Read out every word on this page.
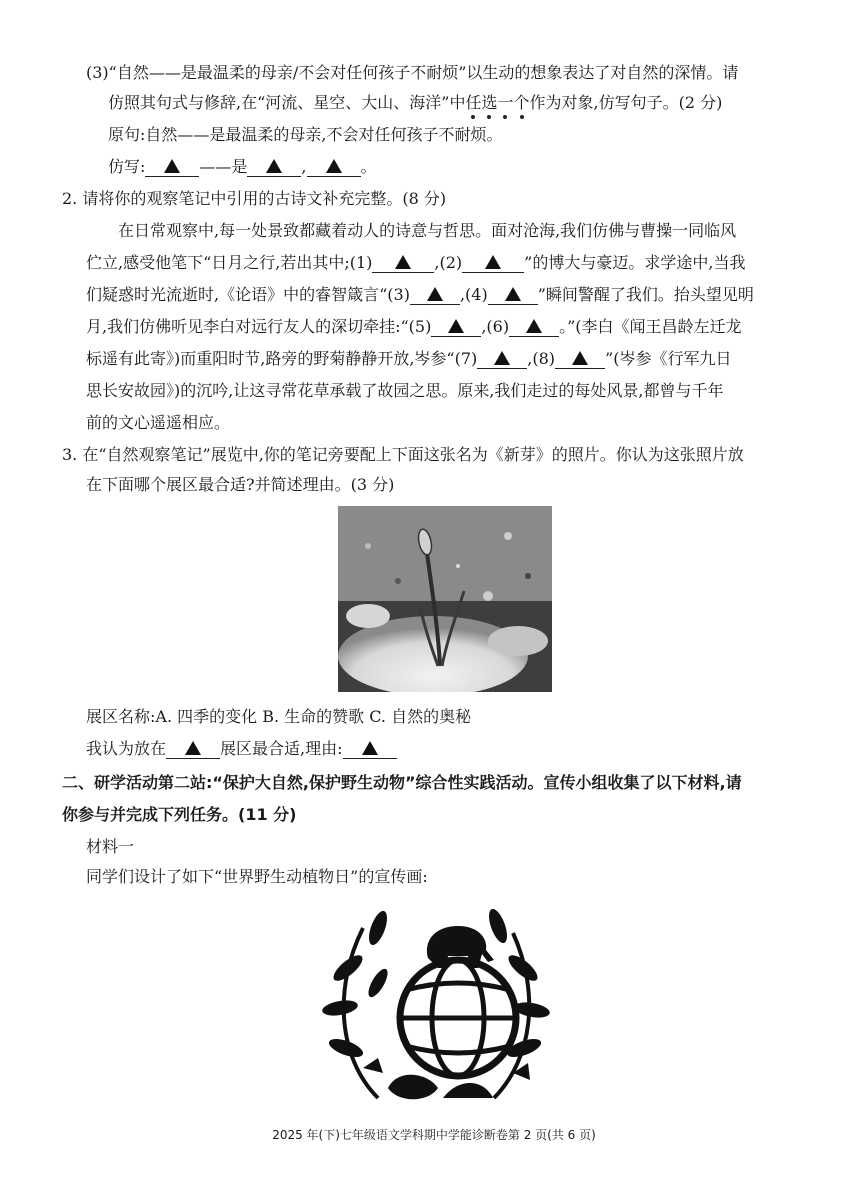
(3)“自然——是最温柔的母亲/不会对任何孩子不耐烦”以生动的想象表达了对自然的深情。请
仿照其句式与修辞,在“河流、星空、大山、海洋”中任选一个作为对象,仿写句子。(2 分)
原句:自然——是最温柔的母亲,不会对任何孩子不耐烦。
仿写:	——是	,	。
2. 请将你的观察笔记中引用的古诗文补充完整。(8 分)
在日常观察中,每一处景致都藏着动人的诗意与哲思。面对沧海,我们仿佛与曹操一同临风
伫立,感受他笔下“日月之行,若出其中;(1)	,(2)	”的博大与豪迈。求学途中,当我
们疑惑时光流逝时,《论语》中的睿智箴言“(3)	,(4)	”瞬间警醒了我们。抬头望见明
月,我们仿佛听见李白对远行友人的深切牵挂:“(5)	,(6)	。”(李白《闻王昌龄左迁龙
标遥有此寄》)而重阳时节,路旁的野菊静静开放,岑参“(7)	,(8)	”(岑参《行军九日
思长安故园》)的沉吟,让这寻常花草承载了故园之思。原来,我们走过的每处风景,都曾与千年
前的文心遥遥相应。
3. 在“自然观察笔记”展览中,你的笔记旁要配上下面这张名为《新芽》的照片。你认为这张照片放
在下面哪个展区最合适?并简述理由。(3 分)
展区名称:A. 四季的变化 B. 生命的赞歌 C. 自然的奥秘
我认为放在	展区最合适,理由:
二、研学活动第二站:“保护大自然,保护野生动物”综合性实践活动。宣传小组收集了以下材料,请
你参与并完成下列任务。(11 分)
材料一
同学们设计了如下“世界野生动植物日”的宣传画:
2025 年(下)七年级语文学科期中学能诊断卷第 2 页(共 6 页)
